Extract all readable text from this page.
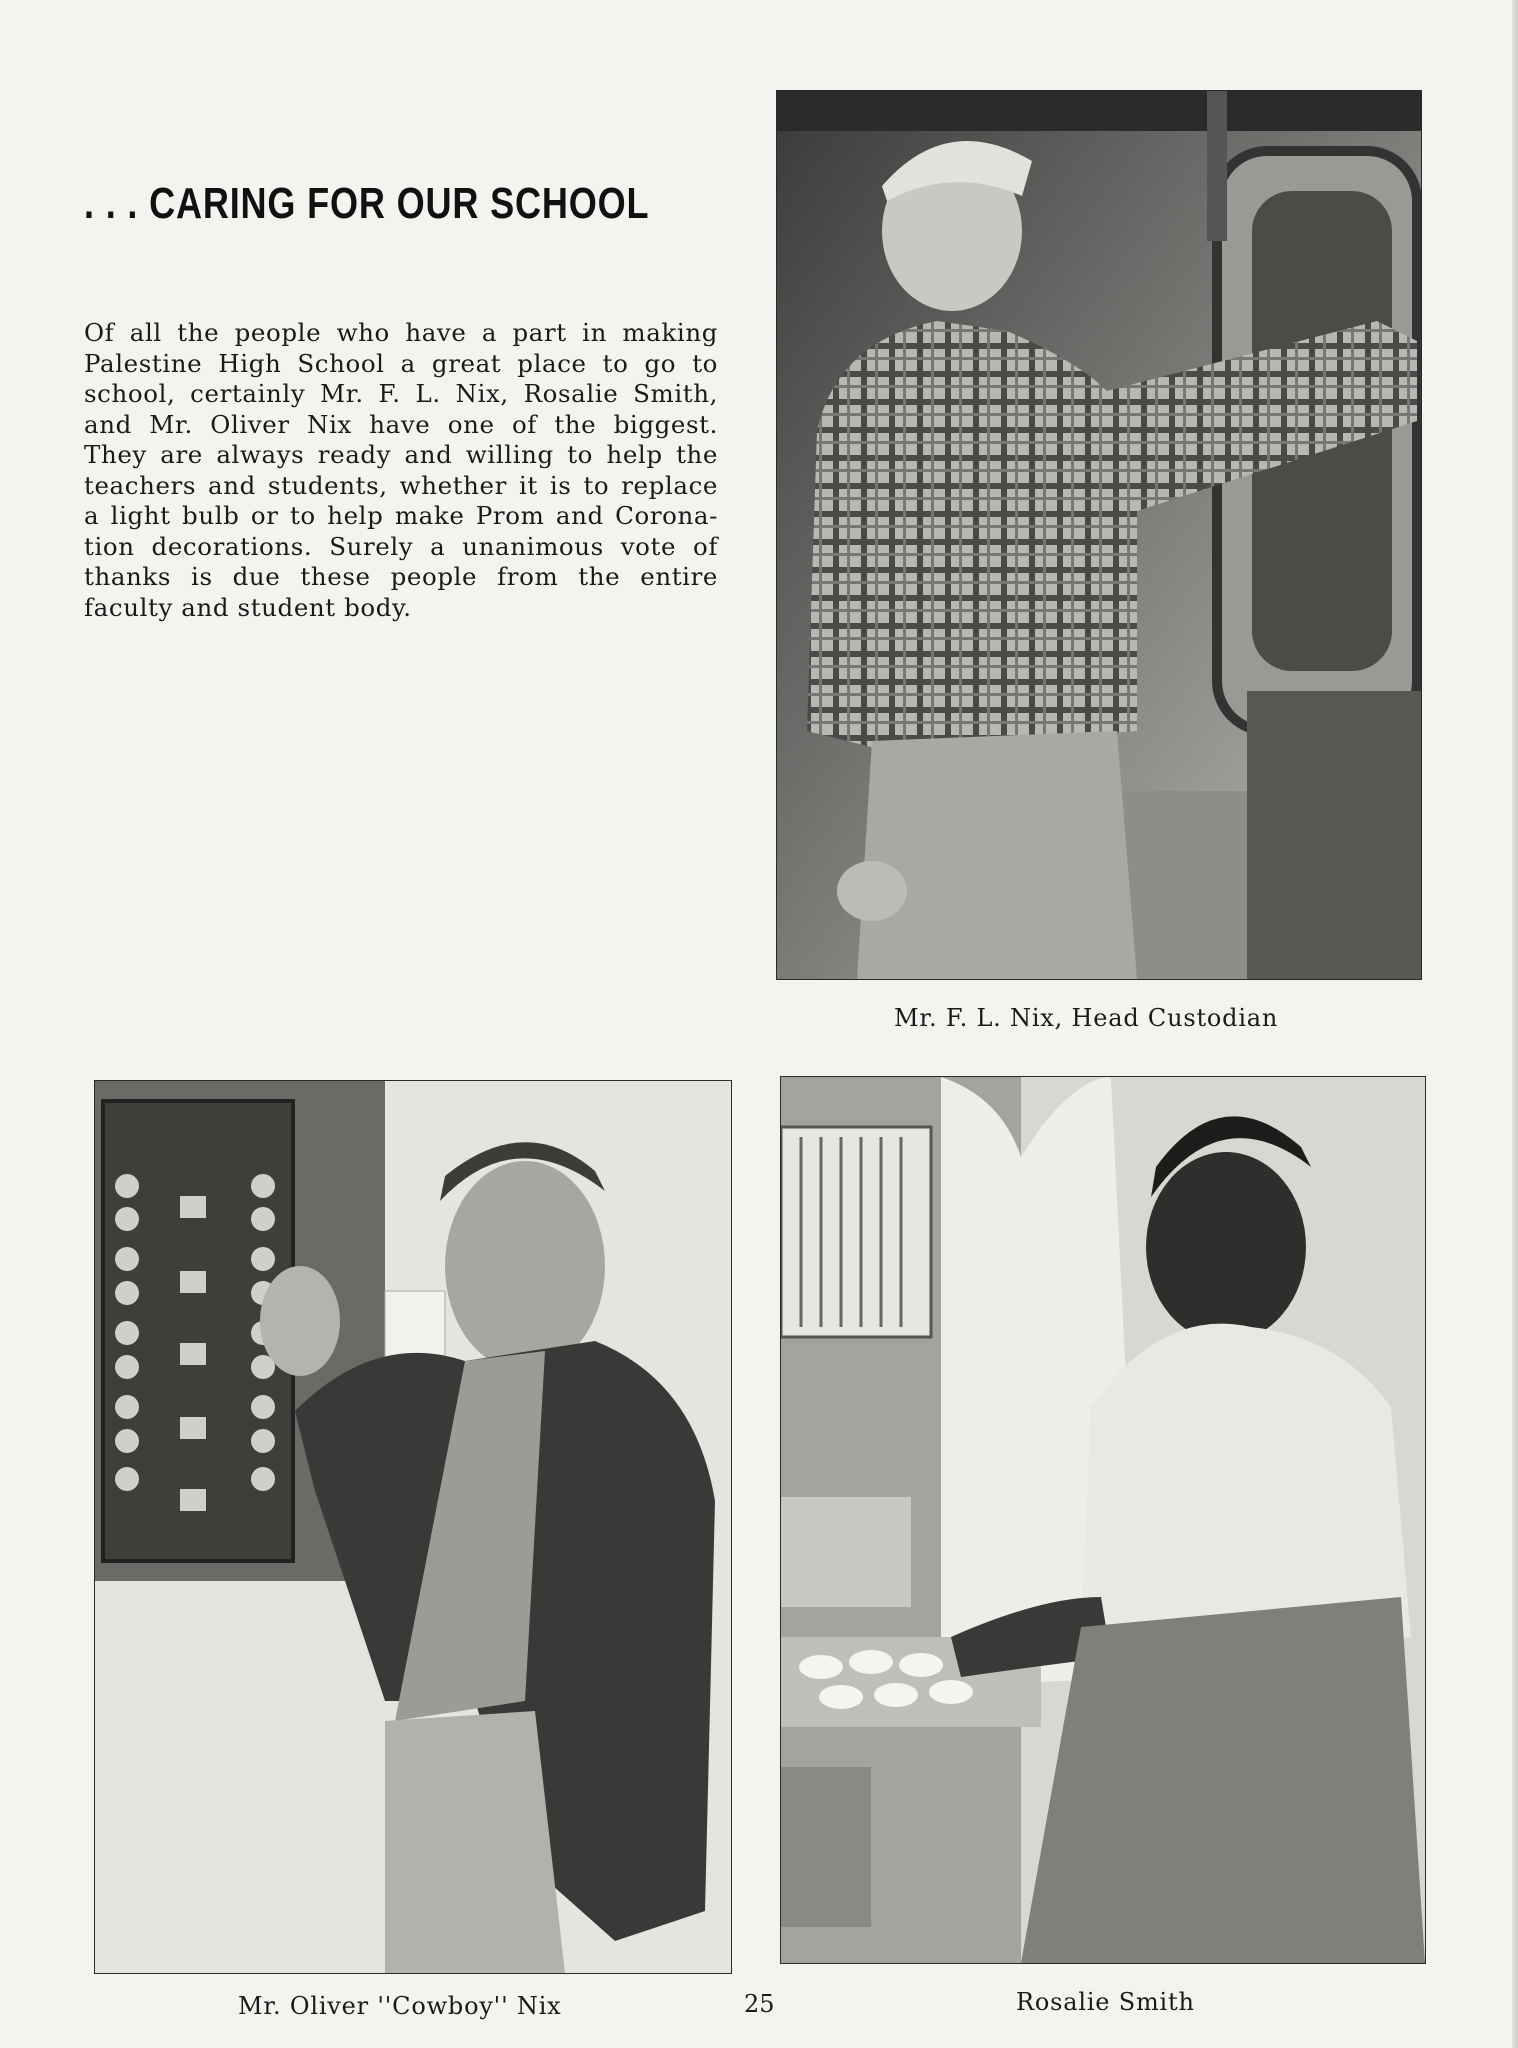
. . . CARING FOR OUR SCHOOL
Of all the people who have a part in making
Palestine High School a great place to go to
school, certainly Mr. F. L. Nix, Rosalie Smith,
and Mr. Oliver Nix have one of the biggest.
They are always ready and willing to help the
teachers and students, whether it is to replace
a light bulb or to help make Prom and Corona-
tion decorations. Surely a unanimous vote of
thanks is due these people from the entire
faculty and student body.
Mr. F. L. Nix, Head Custodian
Mr. Oliver ''Cowboy'' Nix	25	Rosalie Smith
